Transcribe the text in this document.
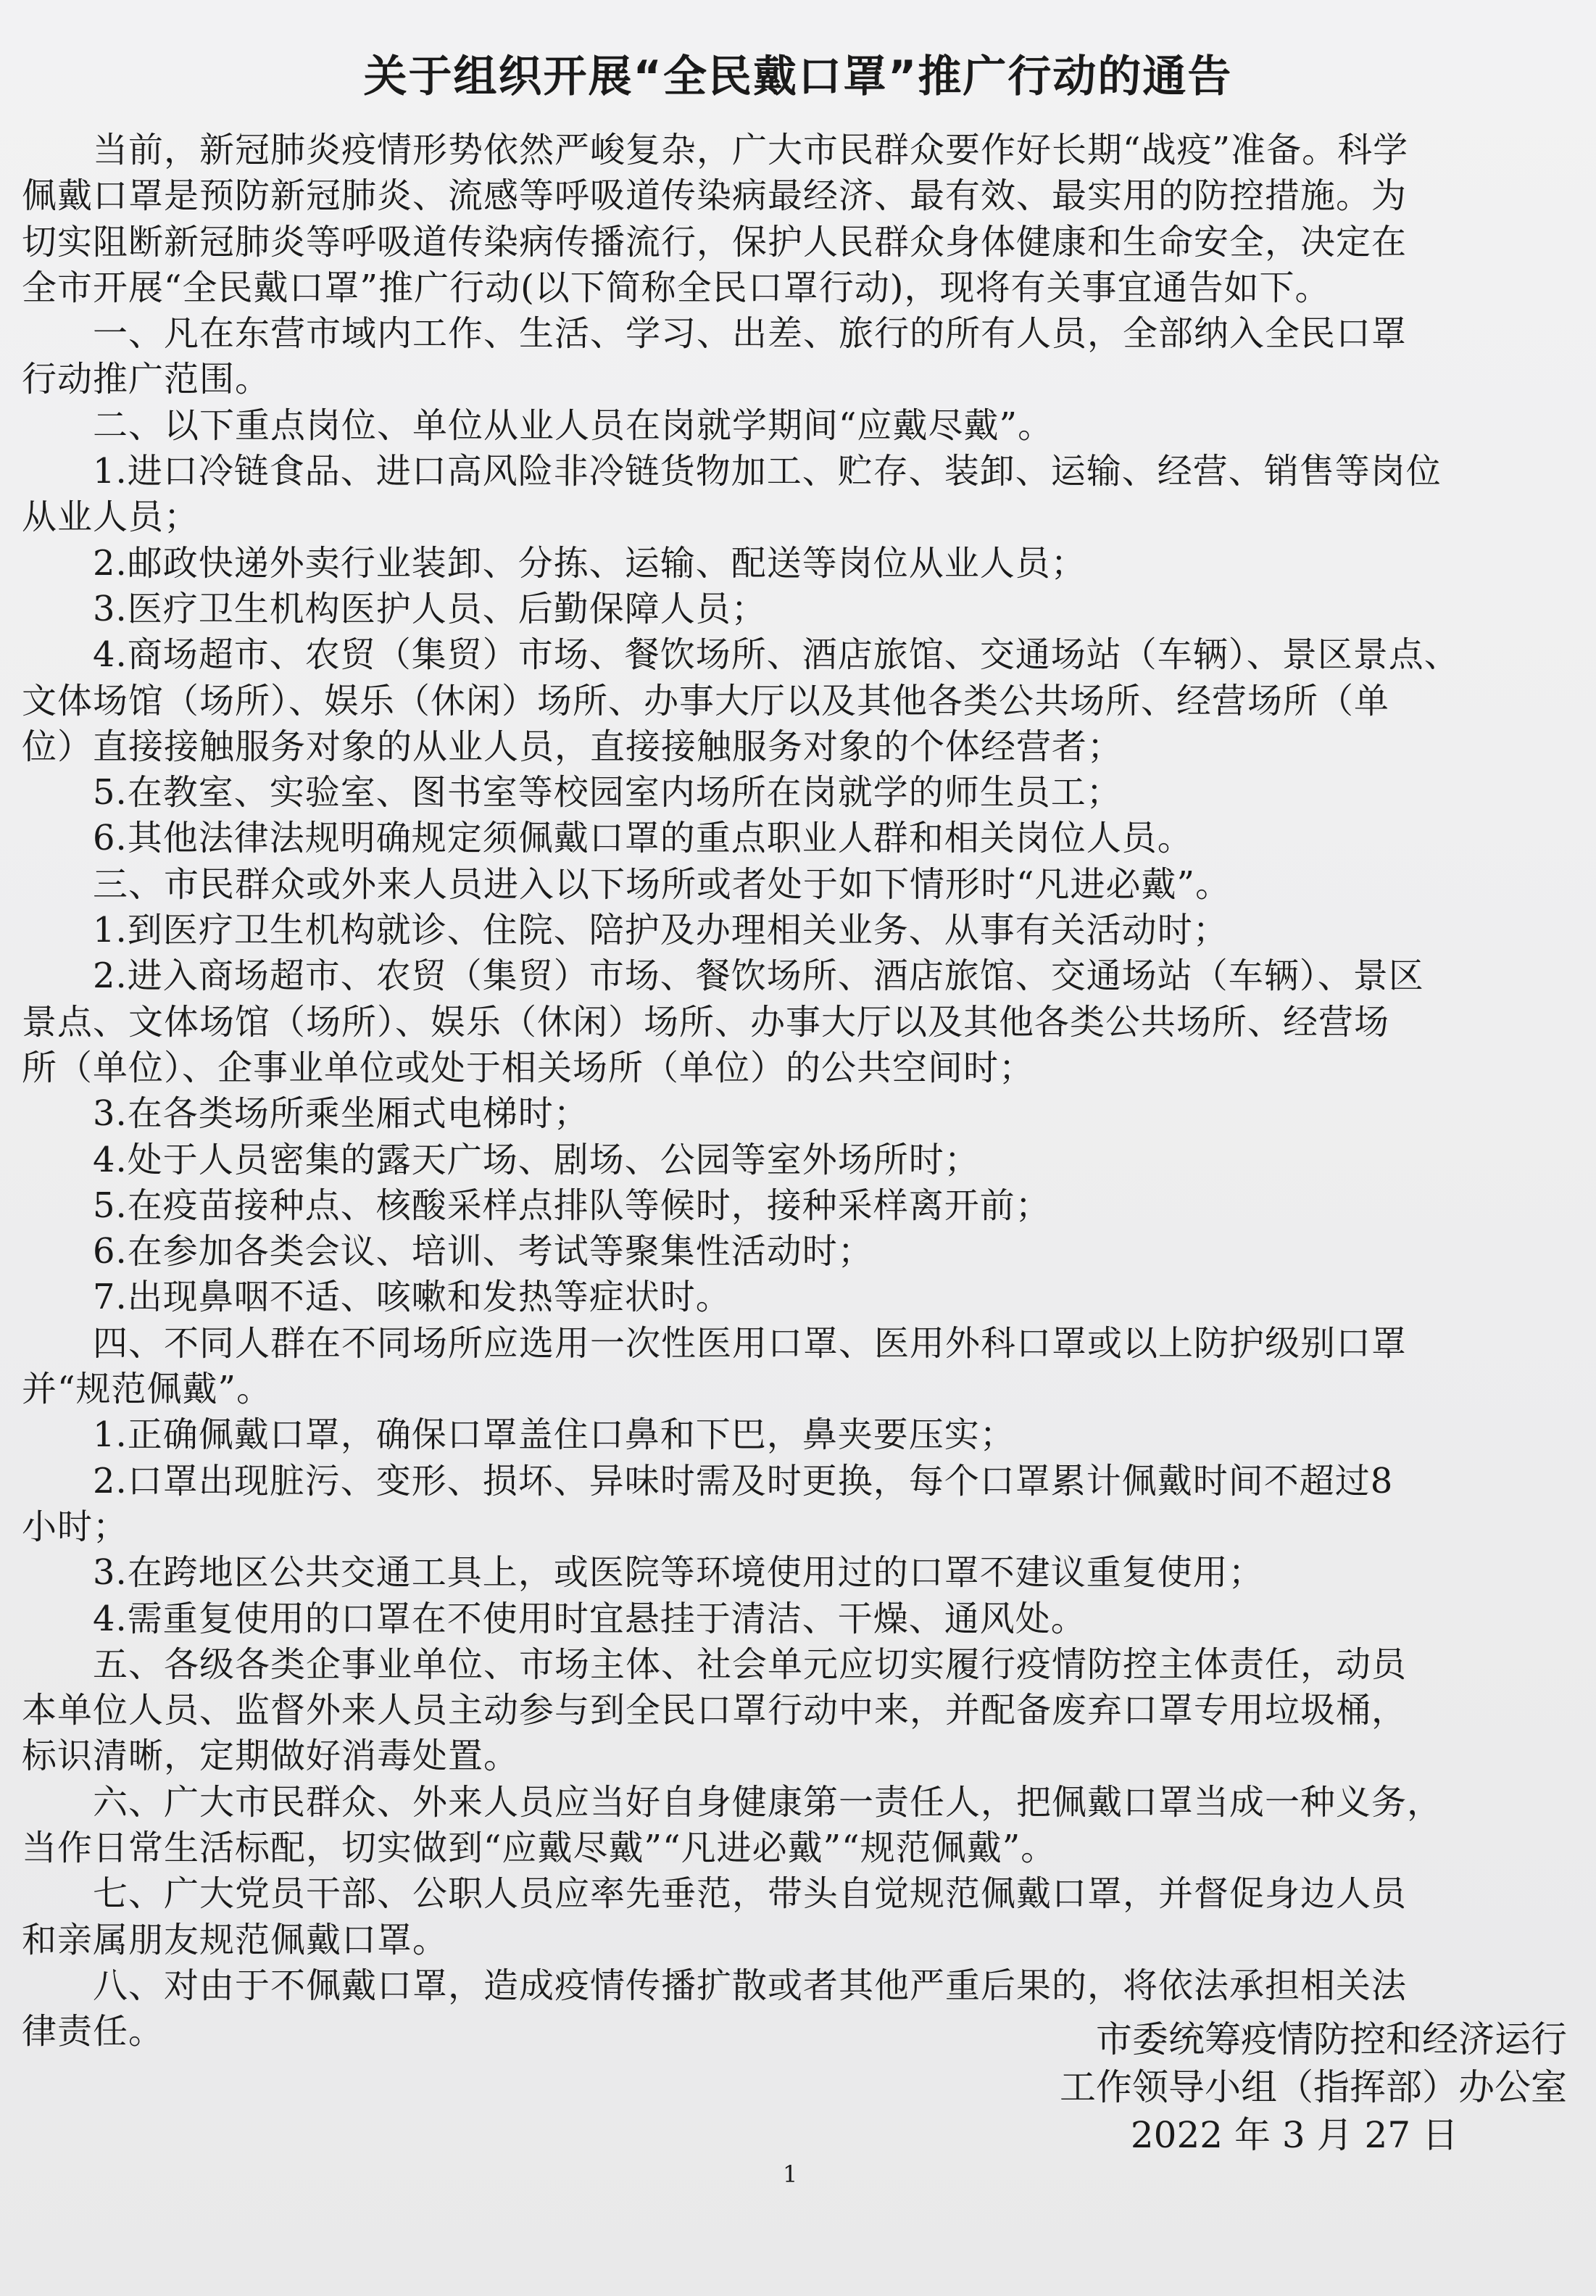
关于组织开展“全民戴口罩”推广行动的通告
　　当前，新冠肺炎疫情形势依然严峻复杂，广大市民群众要作好长期“战疫”准备。科学
佩戴口罩是预防新冠肺炎、流感等呼吸道传染病最经济、最有效、最实用的防控措施。为
切实阻断新冠肺炎等呼吸道传染病传播流行，保护人民群众身体健康和生命安全，决定在
全市开展“全民戴口罩”推广行动(以下简称全民口罩行动)，现将有关事宜通告如下。
　　一、凡在东营市域内工作、生活、学习、出差、旅行的所有人员，全部纳入全民口罩
行动推广范围。
　　二、以下重点岗位、单位从业人员在岗就学期间“应戴尽戴”。
　　1.进口冷链食品、进口高风险非冷链货物加工、贮存、装卸、运输、经营、销售等岗位
从业人员；
　　2.邮政快递外卖行业装卸、分拣、运输、配送等岗位从业人员；
　　3.医疗卫生机构医护人员、后勤保障人员；
　　4.商场超市、农贸（集贸）市场、餐饮场所、酒店旅馆、交通场站（车辆）、景区景点、
文体场馆（场所）、娱乐（休闲）场所、办事大厅以及其他各类公共场所、经营场所（单
位）直接接触服务对象的从业人员，直接接触服务对象的个体经营者；
　　5.在教室、实验室、图书室等校园室内场所在岗就学的师生员工；
　　6.其他法律法规明确规定须佩戴口罩的重点职业人群和相关岗位人员。
　　三、市民群众或外来人员进入以下场所或者处于如下情形时“凡进必戴”。
　　1.到医疗卫生机构就诊、住院、陪护及办理相关业务、从事有关活动时；
　　2.进入商场超市、农贸（集贸）市场、餐饮场所、酒店旅馆、交通场站（车辆）、景区
景点、文体场馆（场所）、娱乐（休闲）场所、办事大厅以及其他各类公共场所、经营场
所（单位）、企事业单位或处于相关场所（单位）的公共空间时；
　　3.在各类场所乘坐厢式电梯时；
　　4.处于人员密集的露天广场、剧场、公园等室外场所时；
　　5.在疫苗接种点、核酸采样点排队等候时，接种采样离开前；
　　6.在参加各类会议、培训、考试等聚集性活动时；
　　7.出现鼻咽不适、咳嗽和发热等症状时。
　　四、不同人群在不同场所应选用一次性医用口罩、医用外科口罩或以上防护级别口罩
并“规范佩戴”。
　　1.正确佩戴口罩，确保口罩盖住口鼻和下巴，鼻夹要压实；
　　2.口罩出现脏污、变形、损坏、异味时需及时更换，每个口罩累计佩戴时间不超过8
小时；
　　3.在跨地区公共交通工具上，或医院等环境使用过的口罩不建议重复使用；
　　4.需重复使用的口罩在不使用时宜悬挂于清洁、干燥、通风处。
　　五、各级各类企事业单位、市场主体、社会单元应切实履行疫情防控主体责任，动员
本单位人员、监督外来人员主动参与到全民口罩行动中来，并配备废弃口罩专用垃圾桶，
标识清晰，定期做好消毒处置。
　　六、广大市民群众、外来人员应当好自身健康第一责任人，把佩戴口罩当成一种义务，
当作日常生活标配，切实做到“应戴尽戴”“凡进必戴”“规范佩戴”。
　　七、广大党员干部、公职人员应率先垂范，带头自觉规范佩戴口罩，并督促身边人员
和亲属朋友规范佩戴口罩。
　　八、对由于不佩戴口罩，造成疫情传播扩散或者其他严重后果的，将依法承担相关法
律责任。	市委统筹疫情防控和经济运行
工作领导小组（指挥部）办公室
2022 年 3 月 27 日
1
